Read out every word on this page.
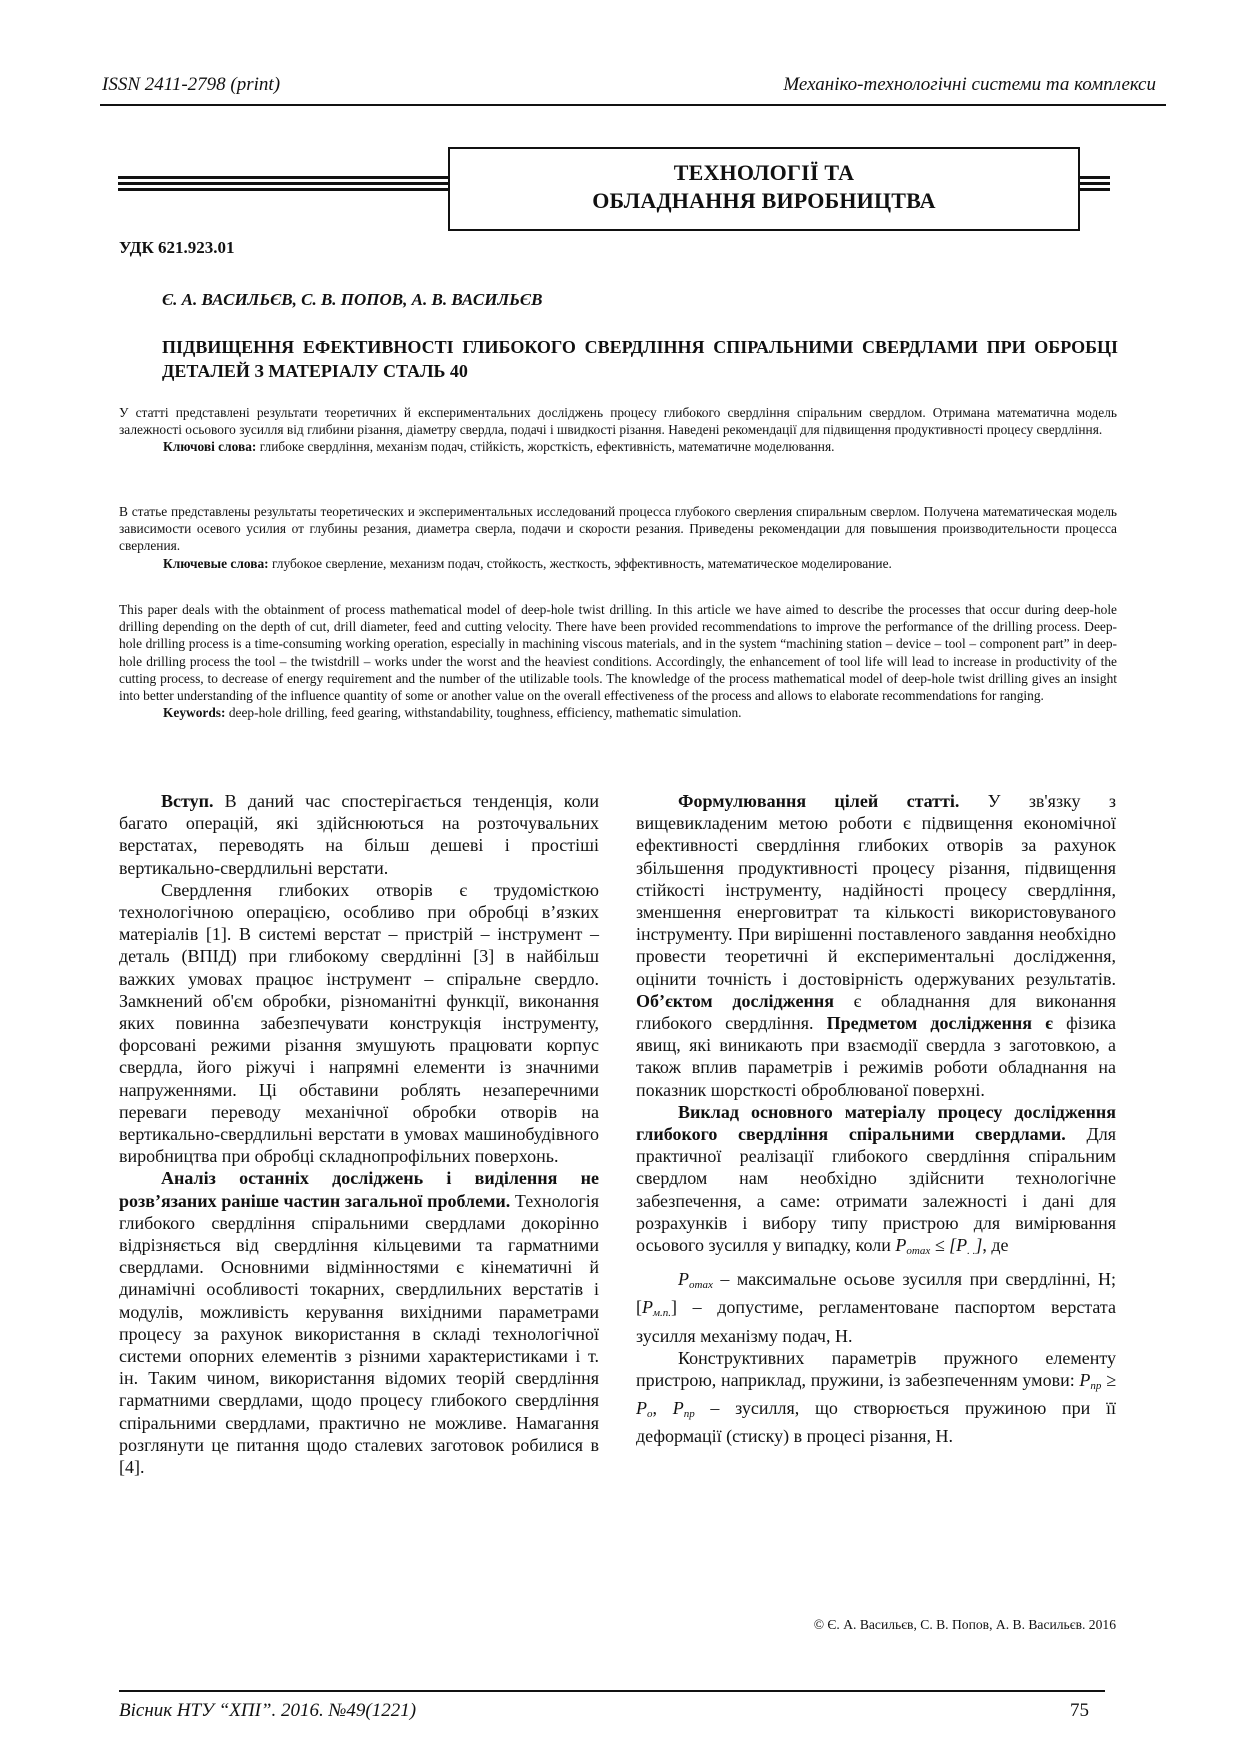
ISSN 2411-2798 (print)	Механіко-технологічні системи та комплекси
ТЕХНОЛОГІЇ ТА
ОБЛАДНАННЯ ВИРОБНИЦТВА
УДК 621.923.01
Є. А. ВАСИЛЬЄВ, С. В. ПОПОВ, А. В. ВАСИЛЬЄВ
ПІДВИЩЕННЯ ЕФЕКТИВНОСТІ ГЛИБОКОГО СВЕРДЛІННЯ СПІРАЛЬНИМИ СВЕРДЛАМИ ПРИ ОБРОБЦІ ДЕТАЛЕЙ З МАТЕРІАЛУ СТАЛЬ 40
У статті представлені результати теоретичних й експериментальних досліджень процесу глибокого свердління спіральним свердлом. Отримана математична модель залежності осьового зусилля від глибини різання, діаметру свердла, подачі і швидкості різання. Наведені рекомендації для підвищення продуктивності процесу свердління.
Ключові слова: глибоке свердління, механізм подач, стійкість, жорсткість, ефективність, математичне моделювання.
В статье представлены результаты теоретических и экспериментальных исследований процесса глубокого сверления спиральным сверлом. Получена математическая модель зависимости осевого усилия от глубины резания, диаметра сверла, подачи и скорости резания. Приведены рекомендации для повышения производительности процесса сверления.
Ключевые слова: глубокое сверление, механизм подач, стойкость, жесткость, эффективность, математическое моделирование.
This paper deals with the obtainment of process mathematical model of deep-hole twist drilling. In this article we have aimed to describe the processes that occur during deep-hole drilling depending on the depth of cut, drill diameter, feed and cutting velocity. There have been provided recommendations to improve the performance of the drilling process. Deep-hole drilling process is a time-consuming working operation, especially in machining viscous materials, and in the system “machining station – device – tool – component part” in deep-hole drilling process the tool – the twistdrill – works under the worst and the heaviest conditions. Accordingly, the enhancement of tool life will lead to increase in productivity of the cutting process, to decrease of energy requirement and the number of the utilizable tools. The knowledge of the process mathematical model of deep-hole twist drilling gives an insight into better understanding of the influence quantity of some or another value on the overall effectiveness of the process and allows to elaborate recommendations for ranging.
Keywords: deep-hole drilling, feed gearing, withstandability, toughness, efficiency, mathematic simulation.

Вступ. В даний час спостерігається тенденція, коли багато операцій, які здійснюються на розточувальних верстатах, переводять на більш дешеві і простіші вертикально-свердлильні верстати.

Свердлення глибоких отворів є трудомісткою технологічною операцією, особливо при обробці в’язких матеріалів [1]. В системі верстат – пристрій – інструмент – деталь (ВПІД) при глибокому свердлінні [3] в найбільш важких умовах працює інструмент – спіральне свердло. Замкнений об'єм обробки, різноманітні функції, виконання яких повинна забезпечувати конструкція інструменту, форсовані режими різання змушують працювати корпус свердла, його ріжучі і напрямні елементи із значними напруженнями. Ці обставини роблять незаперечними переваги переводу механічної обробки отворів на вертикально-свердлильні верстати в умовах машинобудівного виробництва при обробці складнопрофільних поверхонь.

Аналіз останніх досліджень і виділення не розв’язаних раніше частин загальної проблеми. Технологія глибокого свердління спіральними свердлами докорінно відрізняється від свердління кільцевими та гарматними свердлами. Основними відмінностями є кінематичні й динамічні особливості токарних, свердлильних верстатів і модулів, можливість керування вихідними параметрами процесу за рахунок використання в складі технологічної системи опорних елементів з різними характеристиками і т. ін. Таким чином, використання відомих теорій свердління гарматними свердлами, щодо процесу глибокого свердління спіральними свердлами, практично не можливе. Намагання розглянути це питання щодо сталевих заготовок робилися в [4].

Формулювання цілей статті. У зв'язку з вищевикладеним метою роботи є підвищення економічної ефективності свердління глибоких отворів за рахунок збільшення продуктивності процесу різання, підвищення стійкості інструменту, надійності процесу свердління, зменшення енерговитрат та кількості використовуваного інструменту. При вирішенні поставленого завдання необхідно провести теоретичні й експериментальні дослідження, оцінити точність і достовірність одержуваних результатів. Об’єктом дослідження є обладнання для виконання глибокого свердління. Предметом дослідження є фізика явищ, які виникають при взаємодії свердла з заготовкою, а також вплив параметрів і режимів роботи обладнання на показник шорсткості оброблюваної поверхні.

Виклад основного матеріалу процесу дослідження глибокого свердління спіральними свердлами. Для практичної реалізації глибокого свердління спіральним свердлом нам необхідно здійснити технологічне забезпечення, а саме: отримати залежності і дані для розрахунків і вибору типу пристрою для вимірювання осьового зусилля у випадку, коли $P_{omax} \le [P_{. .}]$, де

$P_{omax}$ – максимальне осьове зусилля при свердлінні, Н; $[P_{м.п.}]$ – допустиме, регламентоване паспортом верстата зусилля механізму подач, Н.

Конструктивних параметрів пружного елементу пристрою, наприклад, пружини, із забезпеченням умови: $P_{пр} \ge P_о$, $P_{пр}$ – зусилля, що створюється пружиною при її деформації (стиску) в процесі різання, Н.

© Є. А. Васильєв, С. В. Попов, А. В. Васильєв. 2016
Вісник НТУ “ХПІ”. 2016. №49(1221)	75
